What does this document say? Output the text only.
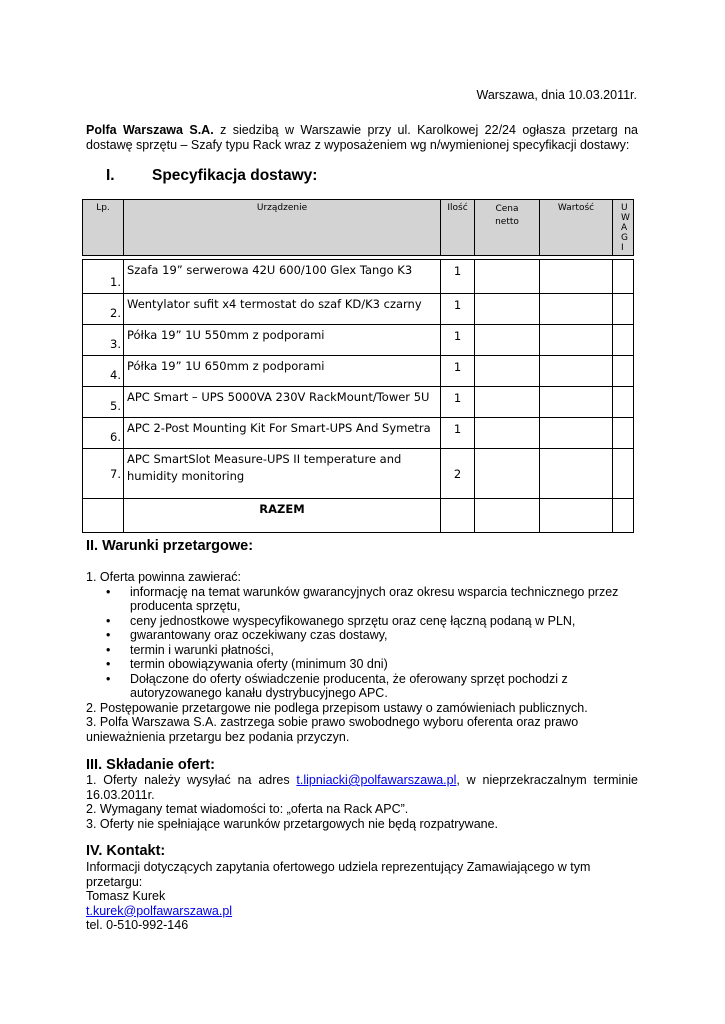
Warszawa, dnia 10.03.2011r.
Polfa Warszawa S.A. z siedzibą w Warszawie przy ul. Karolkowej 22/24 ogłasza przetarg na dostawę sprzętu – Szafy typu Rack wraz z wyposażeniem wg n/wymienionej specyfikacji dostawy:
I. Specyfikacja dostawy:
Lp.	Urządzenie	Ilość	Cena netto	Wartość	U W A G I

1.	Szafa 19” serwerowa 42U 600/100 Glex Tango K3	1			
2.	Wentylator sufit x4 termostat do szaf KD/K3 czarny	1			
3.	Półka 19” 1U 550mm z podporami	1			
4.	Półka 19” 1U 650mm z podporami	1			
5.	APC Smart – UPS 5000VA 230V RackMount/Tower 5U	1			
6.	APC 2-Post Mounting Kit For Smart-UPS And Symetra	1			
7.	APC SmartSlot Measure-UPS II temperature and humidity monitoring	2			
	RAZEM				
II. Warunki przetargowe:
1. Oferta powinna zawierać:
• informację na temat warunków gwarancyjnych oraz okresu wsparcia technicznego przez producenta sprzętu,
• ceny jednostkowe wyspecyfikowanego sprzętu oraz cenę łączną podaną w PLN,
• gwarantowany oraz oczekiwany czas dostawy,
• termin i warunki płatności,
• termin obowiązywania oferty (minimum 30 dni)
• Dołączone do oferty oświadczenie producenta, że oferowany sprzęt pochodzi z autoryzowanego kanału dystrybucyjnego APC.
2. Postępowanie przetargowe nie podlega przepisom ustawy o zamówieniach publicznych.
3. Polfa Warszawa S.A. zastrzega sobie prawo swobodnego wyboru oferenta oraz prawo unieważnienia przetargu bez podania przyczyn.
III. Składanie ofert:
1. Oferty należy wysyłać na adres t.lipniacki@polfawarszawa.pl, w nieprzekraczalnym terminie 16.03.2011r.
2. Wymagany temat wiadomości to: „oferta na Rack APC”.
3. Oferty nie spełniające warunków przetargowych nie będą rozpatrywane.
IV. Kontakt:
Informacji dotyczących zapytania ofertowego udziela reprezentujący Zamawiającego w tym przetargu:
Tomasz Kurek
t.kurek@polfawarszawa.pl
tel. 0-510-992-146
